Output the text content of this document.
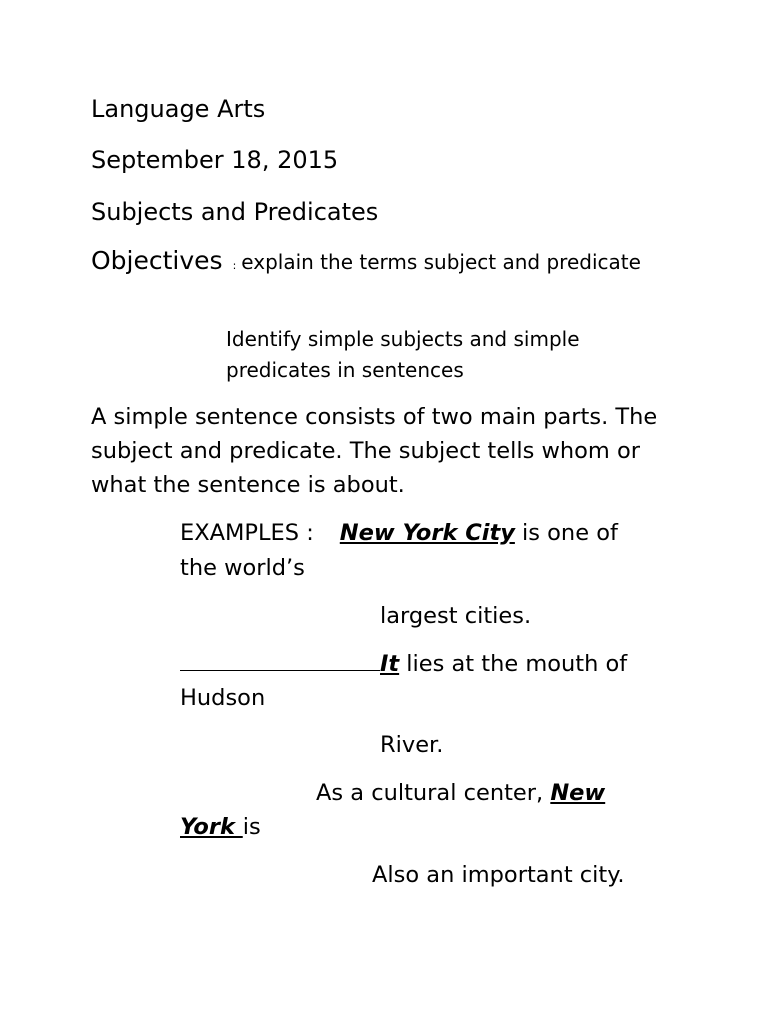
Language Arts
September 18, 2015
Subjects and Predicates
Objectives : explain the terms subject and predicate
Identify simple subjects and simple predicates in sentences
A simple sentence consists of two main parts. The subject and predicate. The subject tells whom or what the sentence is about.
EXAMPLES : New York City is one of
the world’s
largest cities.
It lies at the mouth of
Hudson
River.
As a cultural center, New
York is
Also an important city.
